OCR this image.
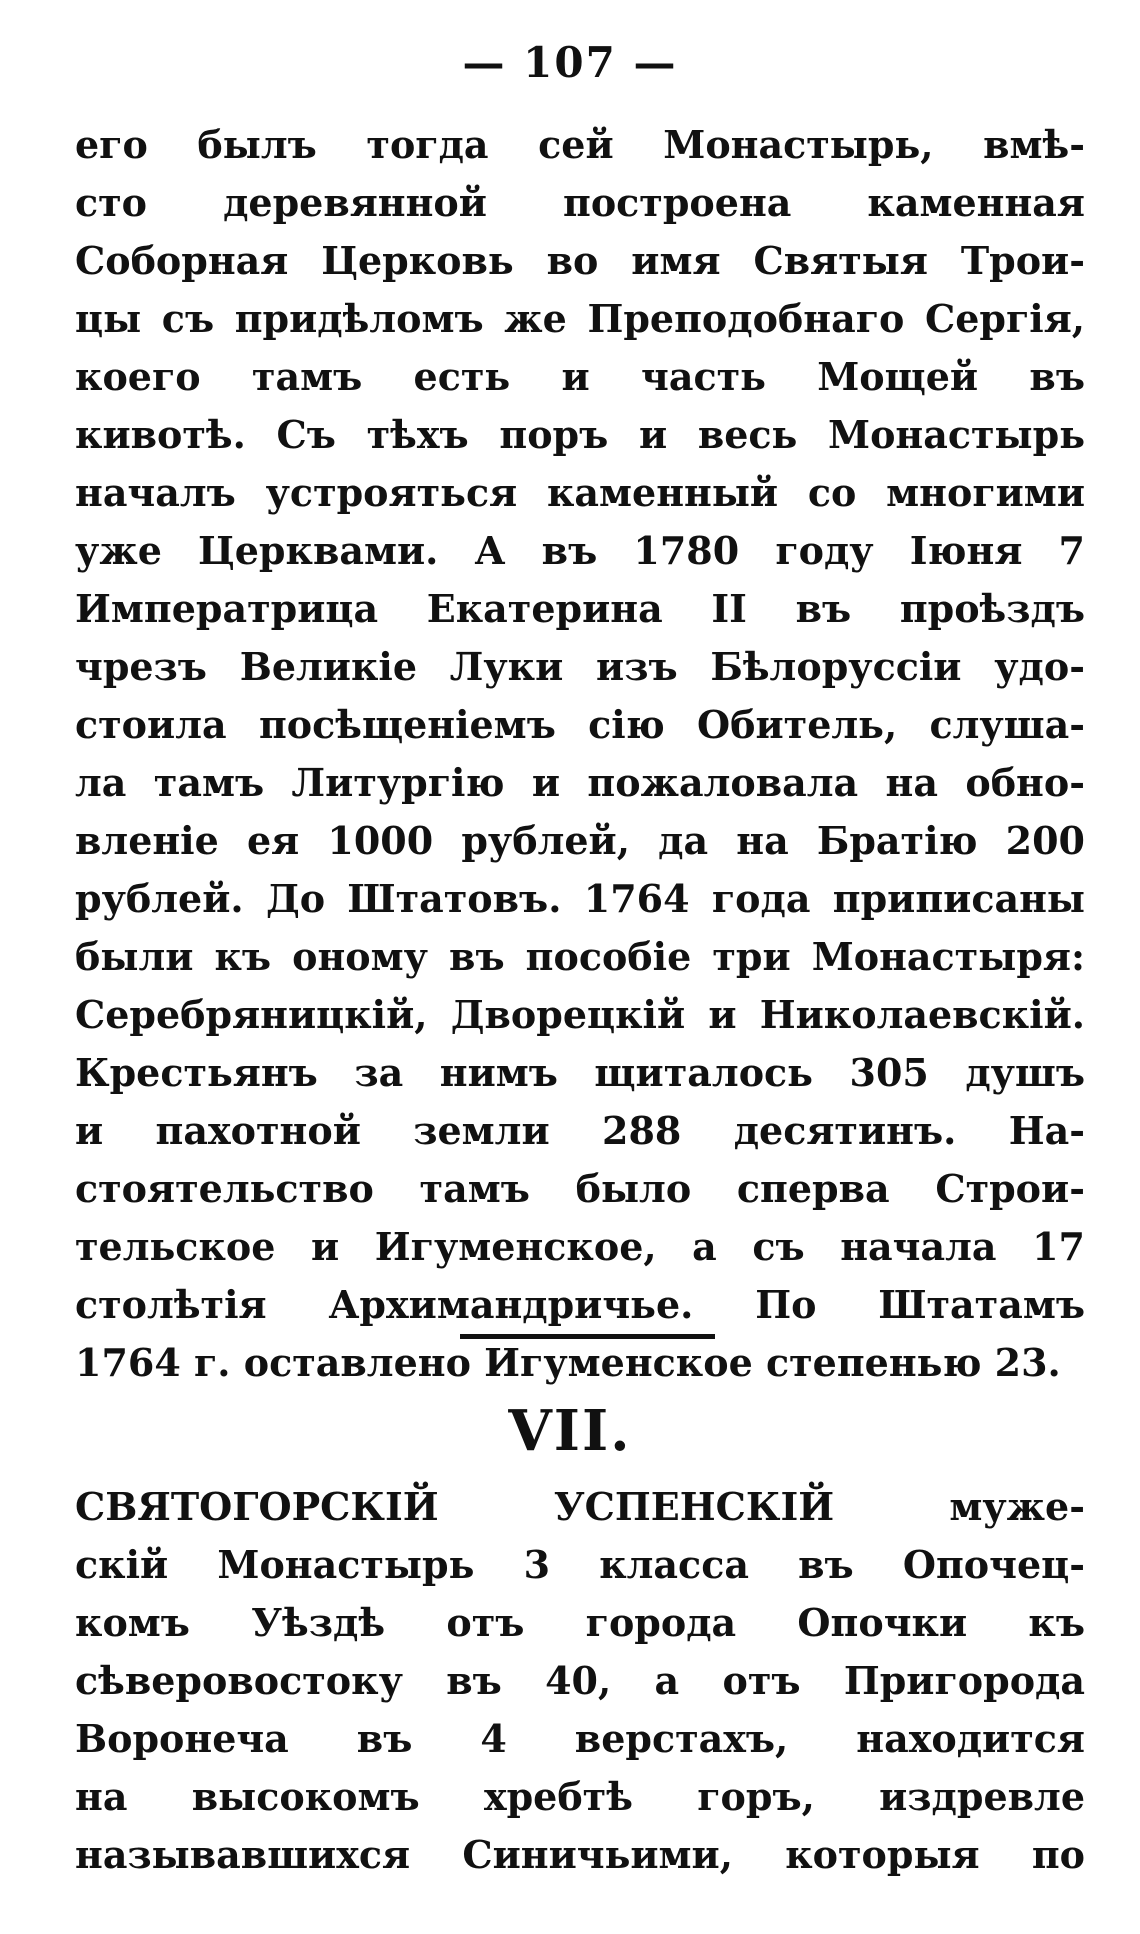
— 107 —
его былъ тогда сей Монастырь, вмѣ-
сто деревянной построена каменная
Соборная Церковь во имя Святыя Трои-
цы съ придѣломъ же Преподобнаго Сергія,
коего тамъ есть и часть Мощей въ
кивотѣ. Съ тѣхъ поръ и весь Монастырь
началъ устрояться каменный со многими
уже Церквами. А въ 1780 году Іюня 7
Императрица Екатерина II въ проѣздъ
чрезъ Великіе Луки изъ Бѣлоруссіи удо-
стоила посѣщеніемъ сію Обитель, слуша-
ла тамъ Литургію и пожаловала на обно-
вленіе ея 1000 рублей, да на Братію 200
рублей. До Штатовъ. 1764 года приписаны
были къ оному въ пособіе три Монастыря:
Серебряницкій, Дворецкій и Николаевскій.
Крестьянъ за нимъ щиталось 305 душъ
и пахотной земли 288 десятинъ. На-
стоятельство тамъ было сперва Строи-
тельское и Игуменское, а съ начала 17
столѣтія Архимандричье. По Штатамъ
1764 г. оставлено Игуменское степенью 23.
VII.
СВЯТОГОРСКІЙ УСПЕНСКІЙ муже-
скій Монастырь 3 класса въ Опочец-
комъ Уѣздѣ отъ города Опочки къ
сѣверовостоку въ 40, а отъ Пригорода
Воронеча въ 4 верстахъ, находится
на высокомъ хребтѣ горъ, издревле
называвшихся Синичьими, которыя по
